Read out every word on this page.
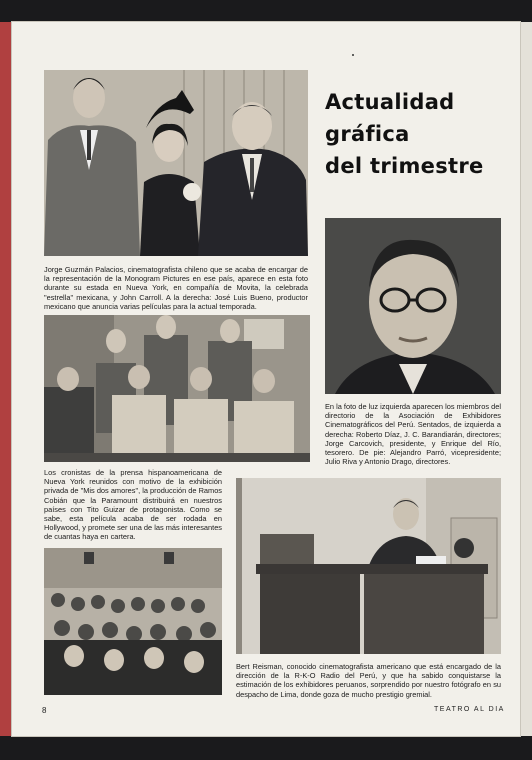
Jorge Guzmán Palacios, cinematografista chileno que se acaba de encargar de la representación de la Monogram Pictures en ese país, aparece en esta foto durante su estada en Nueva York, en compañía de Movita, la celebrada "estrella" mexicana, y John Carroll. A la derecha: José Luis Bueno, productor mexicano que anuncia varias películas para la actual temporada.

Actualidad
gráfica
del trimestre

Los cronistas de la prensa hispanoamericana de Nueva York reunidos con motivo de la exhibición privada de "Mis dos amores", la producción de Ramos Cobián que la Paramount distribuirá en nuestros países con Tito Guizar de protagonista. Como se sabe, esta película acaba de ser rodada en Hollywood, y promete ser una de las más interesantes de cuantas haya en cartera.

En la foto de luz izquierda aparecen los miembros del directorio de la Asociación de Exhibidores Cinematográficos del Perú. Sentados, de izquierda a derecha: Roberto Díaz, J. C. Barandiarán, directores; Jorge Carcovich, presidente, y Enrique del Río, tesorero. De pie: Alejandro Parró, vicepresidente; Julio Riva y Antonio Drago, directores.

Bert Reisman, conocido cinematografista americano que está encargado de la dirección de la R-K-O Radio del Perú, y que ha sabido conquistarse la estimación de los exhibidores peruanos, sorprendido por nuestro fotógrafo en su despacho de Lima, donde goza de mucho prestigio gremial.

8	TEATRO AL DIA
